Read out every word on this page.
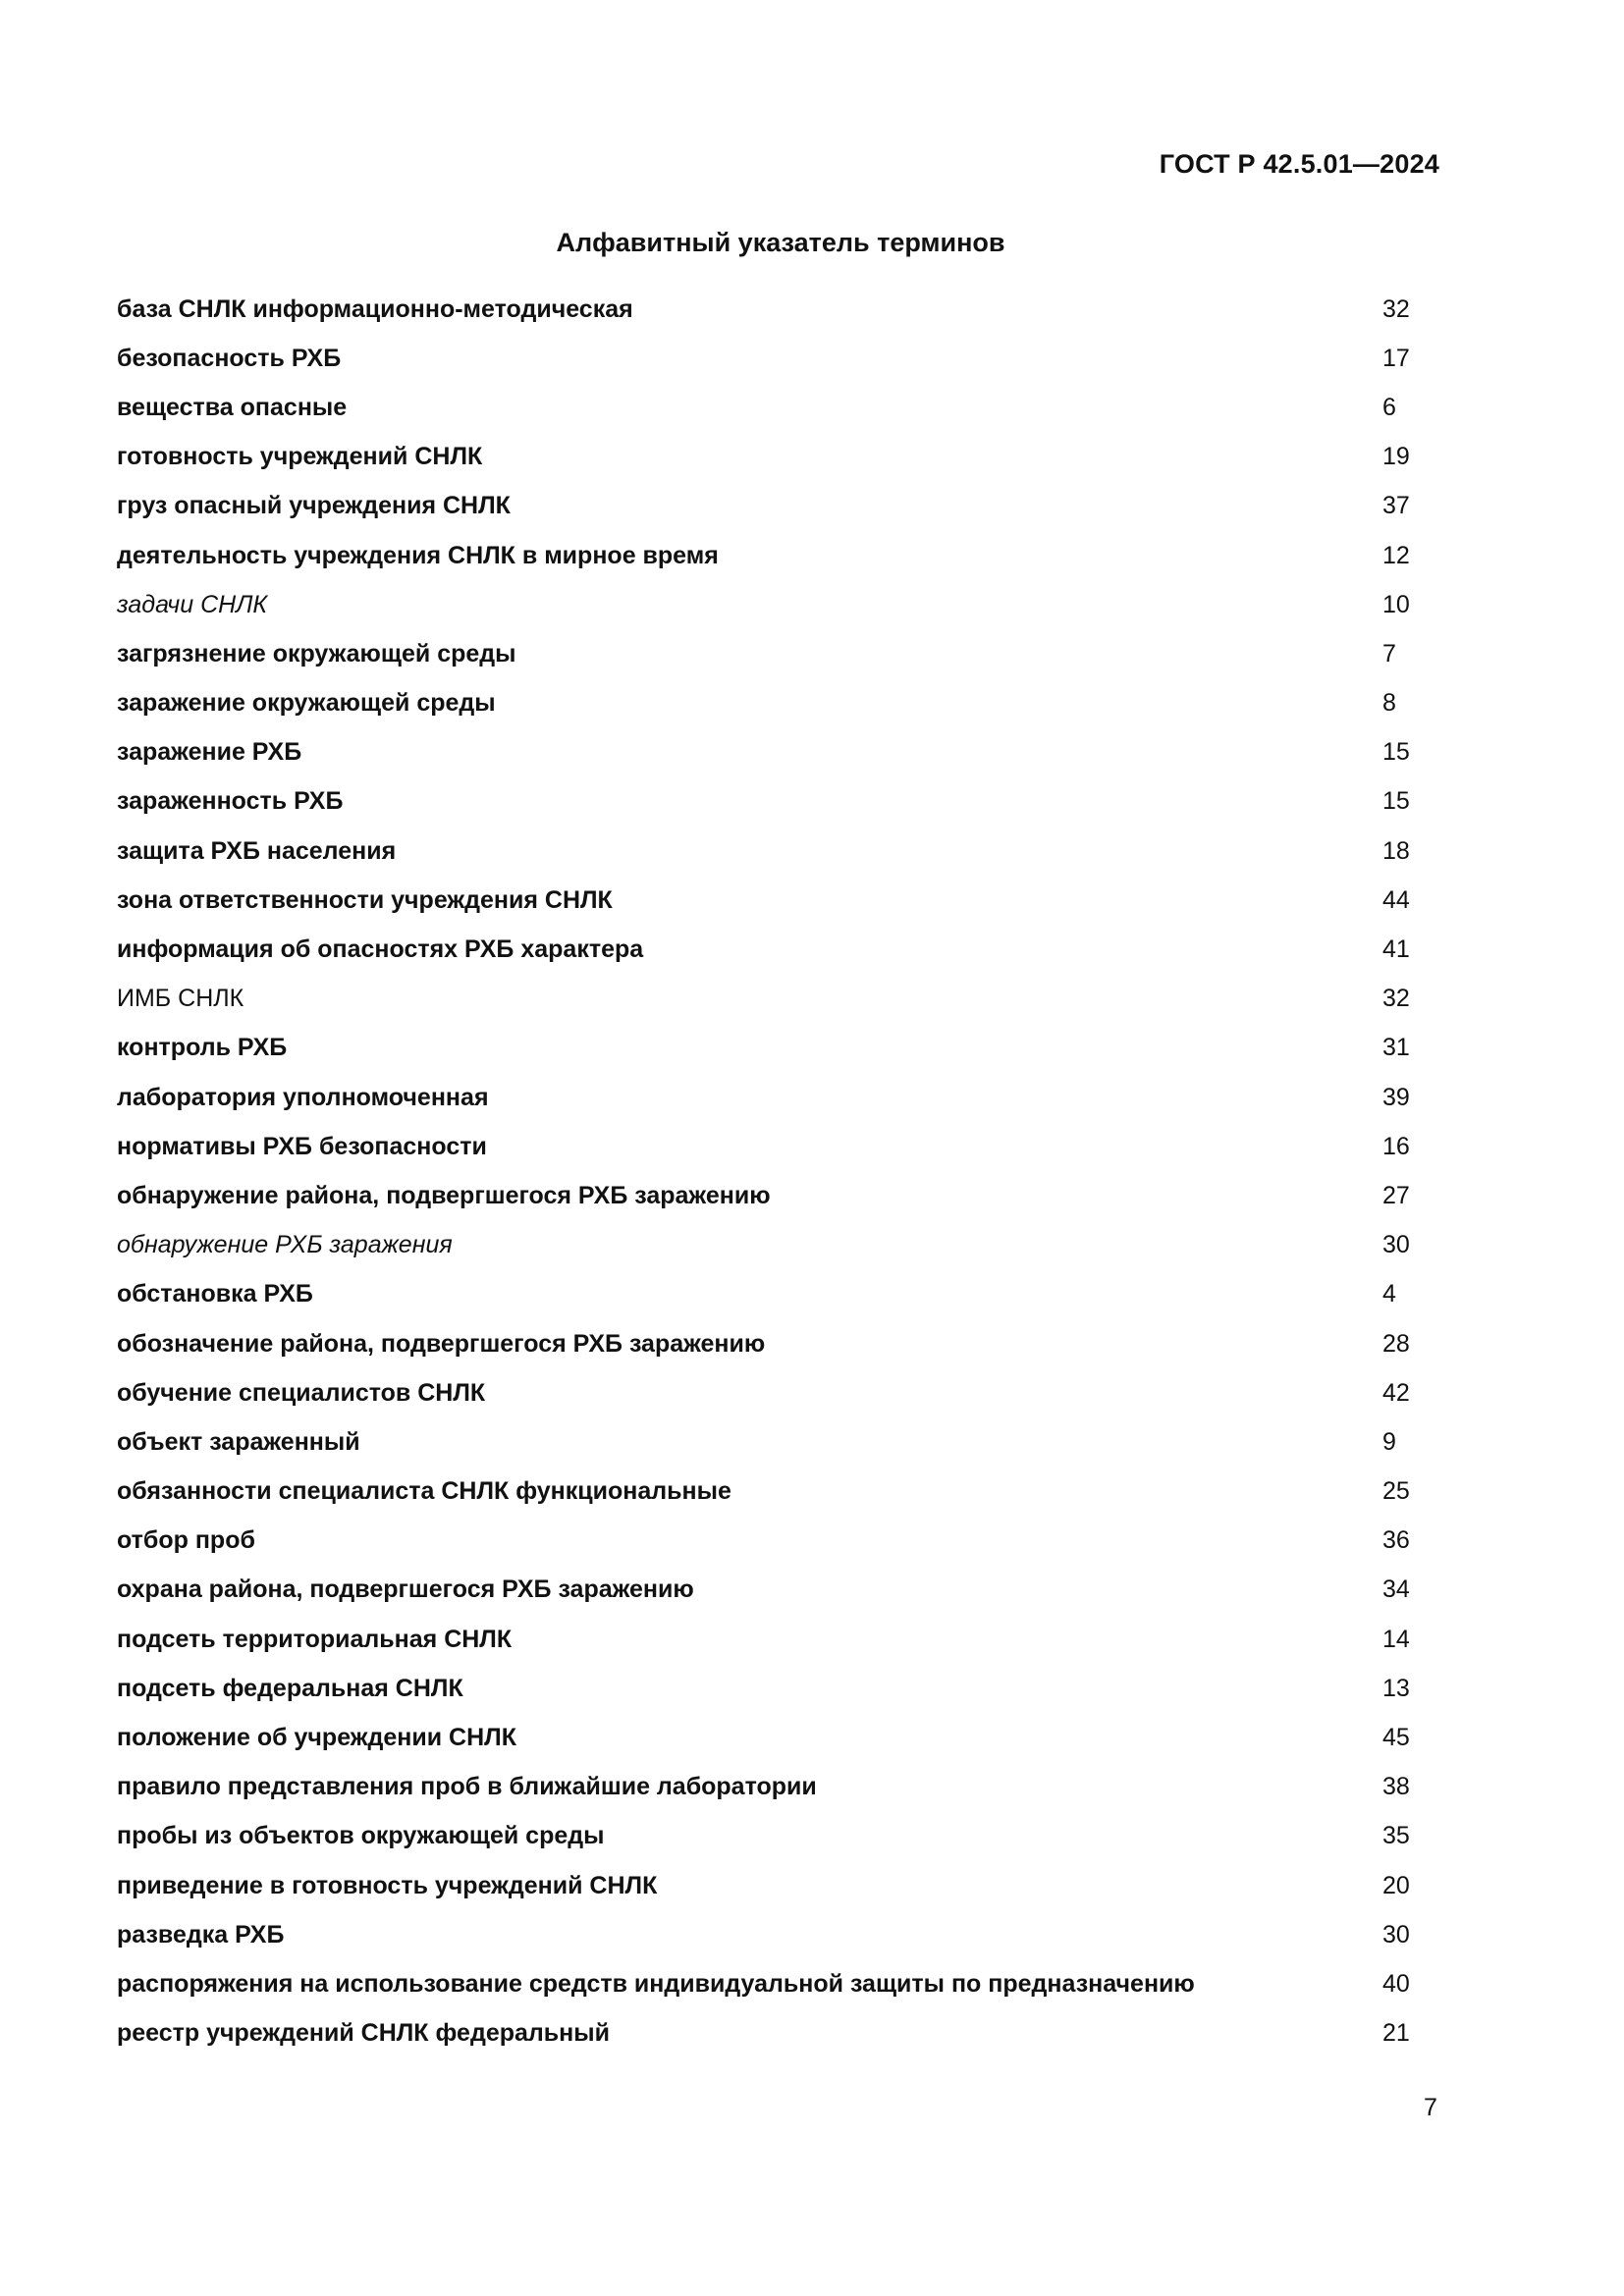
ГОСТ Р 42.5.01—2024
Алфавитный указатель терминов
база СНЛК информационно-методическая	32
безопасность РХБ	17
вещества опасные	6
готовность учреждений СНЛК	19
груз опасный учреждения СНЛК	37
деятельность учреждения СНЛК в мирное время	12
задачи СНЛК	10
загрязнение окружающей среды	7
заражение окружающей среды	8
заражение РХБ	15
зараженность РХБ	15
защита РХБ населения	18
зона ответственности учреждения СНЛК	44
информация об опасностях РХБ характера	41
ИМБ СНЛК	32
контроль РХБ	31
лаборатория уполномоченная	39
нормативы РХБ безопасности	16
обнаружение района, подвергшегося РХБ заражению	27
обнаружение РХБ заражения	30
обстановка РХБ	4
обозначение района, подвергшегося РХБ заражению	28
обучение специалистов СНЛК	42
объект зараженный	9
обязанности специалиста СНЛК функциональные	25
отбор проб	36
охрана района, подвергшегося РХБ заражению	34
подсеть территориальная СНЛК	14
подсеть федеральная СНЛК	13
положение об учреждении СНЛК	45
правило представления проб в ближайшие лаборатории	38
пробы из объектов окружающей среды	35
приведение в готовность учреждений СНЛК	20
разведка РХБ	30
распоряжения на использование средств индивидуальной защиты по предназначению	40
реестр учреждений СНЛК федеральный	21
7
